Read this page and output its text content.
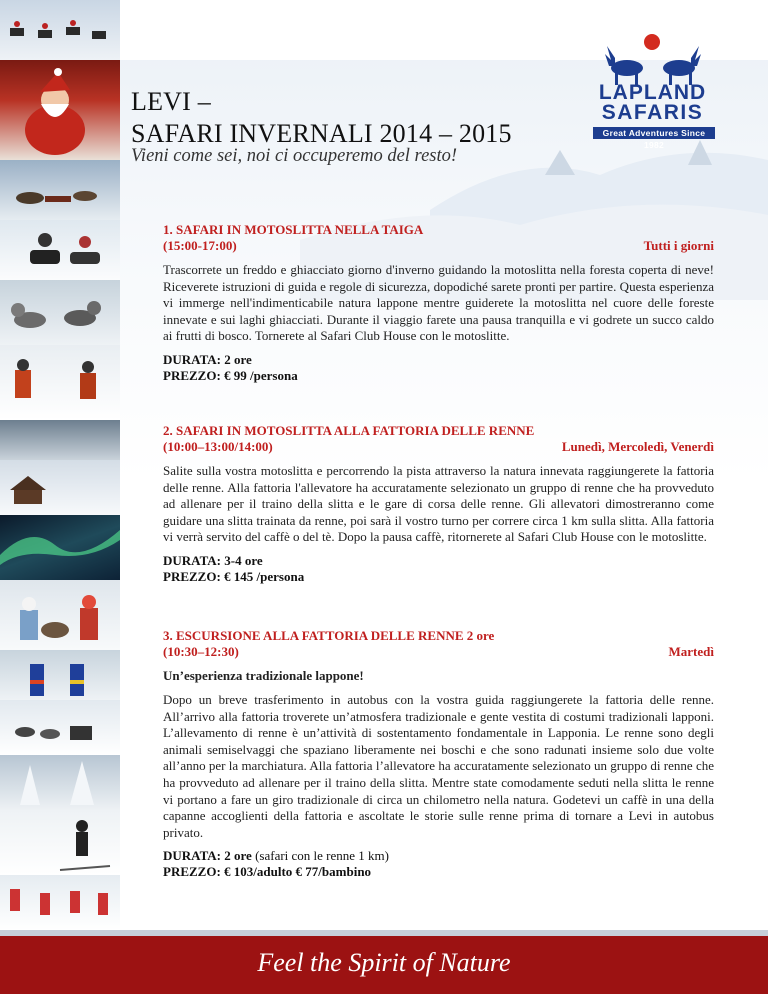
LEVI –
SAFARI INVERNALI 2014 – 2015
Vieni come sei, noi ci occuperemo del resto!
LAPLAND
SAFARIS
Great Adventures Since 1982
1. SAFARI IN MOTOSLITTA NELLA TAIGA
(15:00-17:00)	Tutti i giorni
Trascorrete un freddo e ghiacciato giorno d'inverno guidando la motoslitta nella foresta coperta di neve! Riceverete istruzioni di guida e regole di sicurezza, dopodiché sarete pronti per partire. Questa esperienza vi immerge nell'indimenticabile natura lappone mentre guiderete la motoslitta nel cuore delle foreste innevate e sui laghi ghiacciati. Durante il viaggio farete una pausa tranquilla e vi godrete un succo caldo ai frutti di bosco. Tornerete al Safari Club House con le motoslitte.
DURATA: 2 ore
PREZZO: € 99 /persona
2. SAFARI IN MOTOSLITTA ALLA FATTORIA DELLE RENNE
(10:00–13:00/14:00)	Lunedì, Mercoledì, Venerdì
Salite sulla vostra motoslitta e percorrendo la pista attraverso la natura innevata raggiungerete la fattoria delle renne. Alla fattoria l'allevatore ha accuratamente selezionato un gruppo di renne che ha provveduto ad allenare per il traino della slitta e le gare di corsa delle renne. Gli allevatori dimostreranno come guidare una slitta trainata da renne, poi sarà il vostro turno per correre circa 1 km sulla slitta. Alla fattoria vi verrà servito del caffè o del tè. Dopo la pausa caffè, ritornerete al Safari Club House con le motoslitte.
DURATA: 3-4 ore
PREZZO: € 145 /persona
3. ESCURSIONE ALLA FATTORIA DELLE RENNE 2 ore
(10:30–12:30)	Martedì
Un’esperienza tradizionale lappone!
Dopo un breve trasferimento in autobus con la vostra guida raggiungerete la fattoria delle renne. All’arrivo alla fattoria troverete un’atmosfera tradizionale e gente vestita di costumi tradizionali lapponi. L’allevamento di renne è un’attività di sostentamento fondamentale in Lapponia. Le renne sono degli animali semiselvaggi che spaziano liberamente nei boschi e che sono radunati insieme solo due volte all’anno per la marchiatura. Alla fattoria l’allevatore ha accuratamente selezionato un gruppo di renne che ha provveduto ad allenare per il traino della slitta. Mentre state comodamente seduti nella slitta le renne vi portano a fare un giro tradizionale di circa un chilometro nella natura. Godetevi un caffè in una della capanne accoglienti della fattoria e ascoltate le storie sulle renne prima di tornare a Levi in autobus privato.
DURATA: 2 ore (safari con le renne 1 km)
PREZZO: € 103/adulto € 77/bambino
Feel the Spirit of Nature
